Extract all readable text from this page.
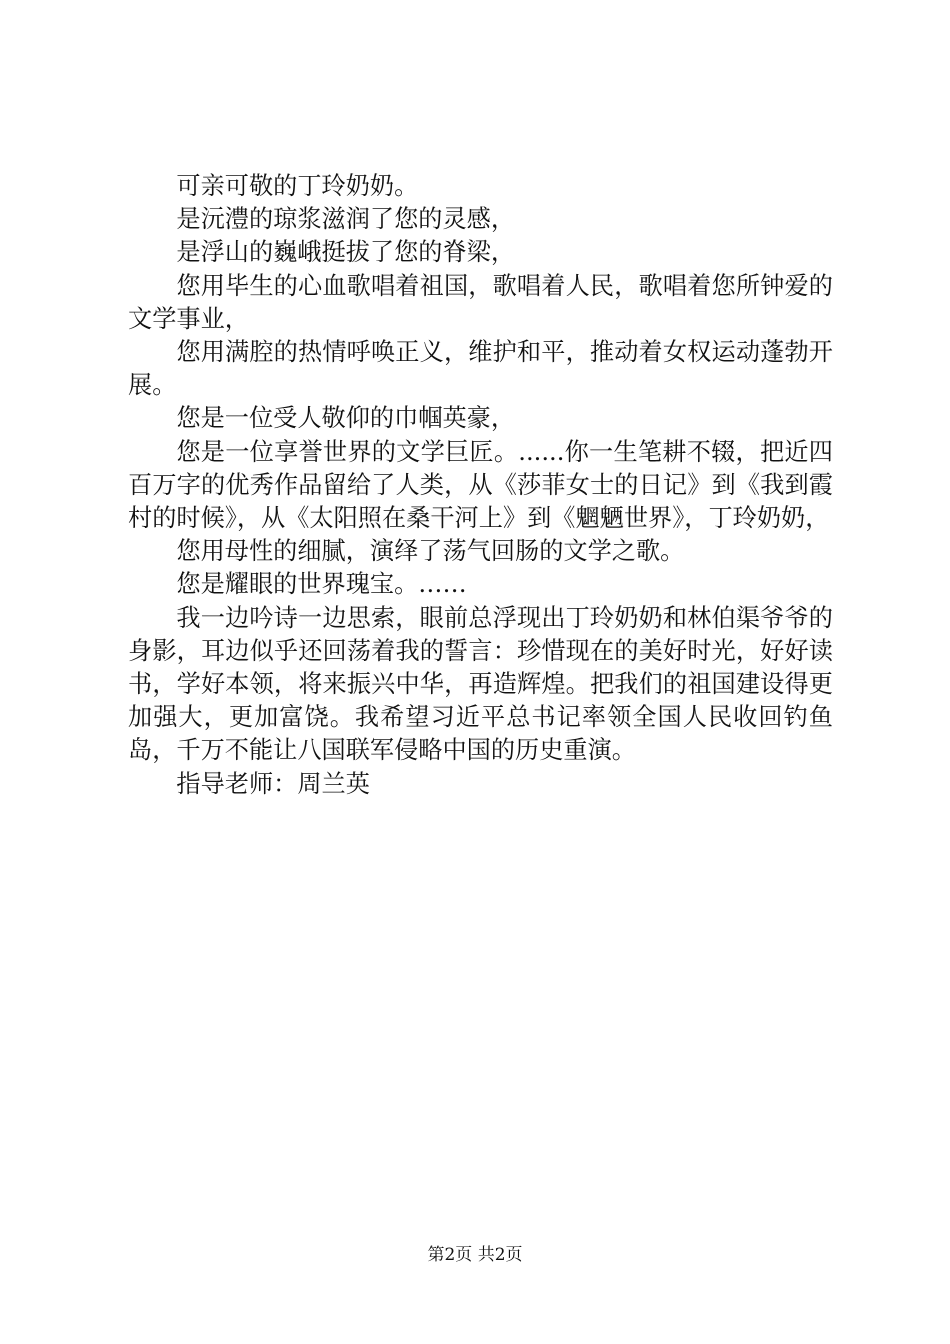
可亲可敬的丁玲奶奶。

是沅澧的琼浆滋润了您的灵感，

是浮山的巍峨挺拔了您的脊梁，

您用毕生的心血歌唱着祖国，歌唱着人民，歌唱着您所钟爱的文学事业，

您用满腔的热情呼唤正义，维护和平，推动着女权运动蓬勃开展。

您是一位受人敬仰的巾帼英豪，

您是一位享誉世界的文学巨匠。......你一生笔耕不辍，把近四百万字的优秀作品留给了人类，从《莎菲女士的日记》到《我到霞村的时候》，从《太阳照在桑干河上》到《魍魉世界》，丁玲奶奶，

您用母性的细腻，演绎了荡气回肠的文学之歌。

您是耀眼的世界瑰宝。……

我一边吟诗一边思索，眼前总浮现出丁玲奶奶和林伯渠爷爷的身影，耳边似乎还回荡着我的誓言：珍惜现在的美好时光，好好读书，学好本领，将来振兴中华，再造辉煌。把我们的祖国建设得更加强大，更加富饶。我希望习近平总书记率领全国人民收回钓鱼岛，千万不能让八国联军侵略中国的历史重演。

指导老师：周兰英

第2页 共2页
